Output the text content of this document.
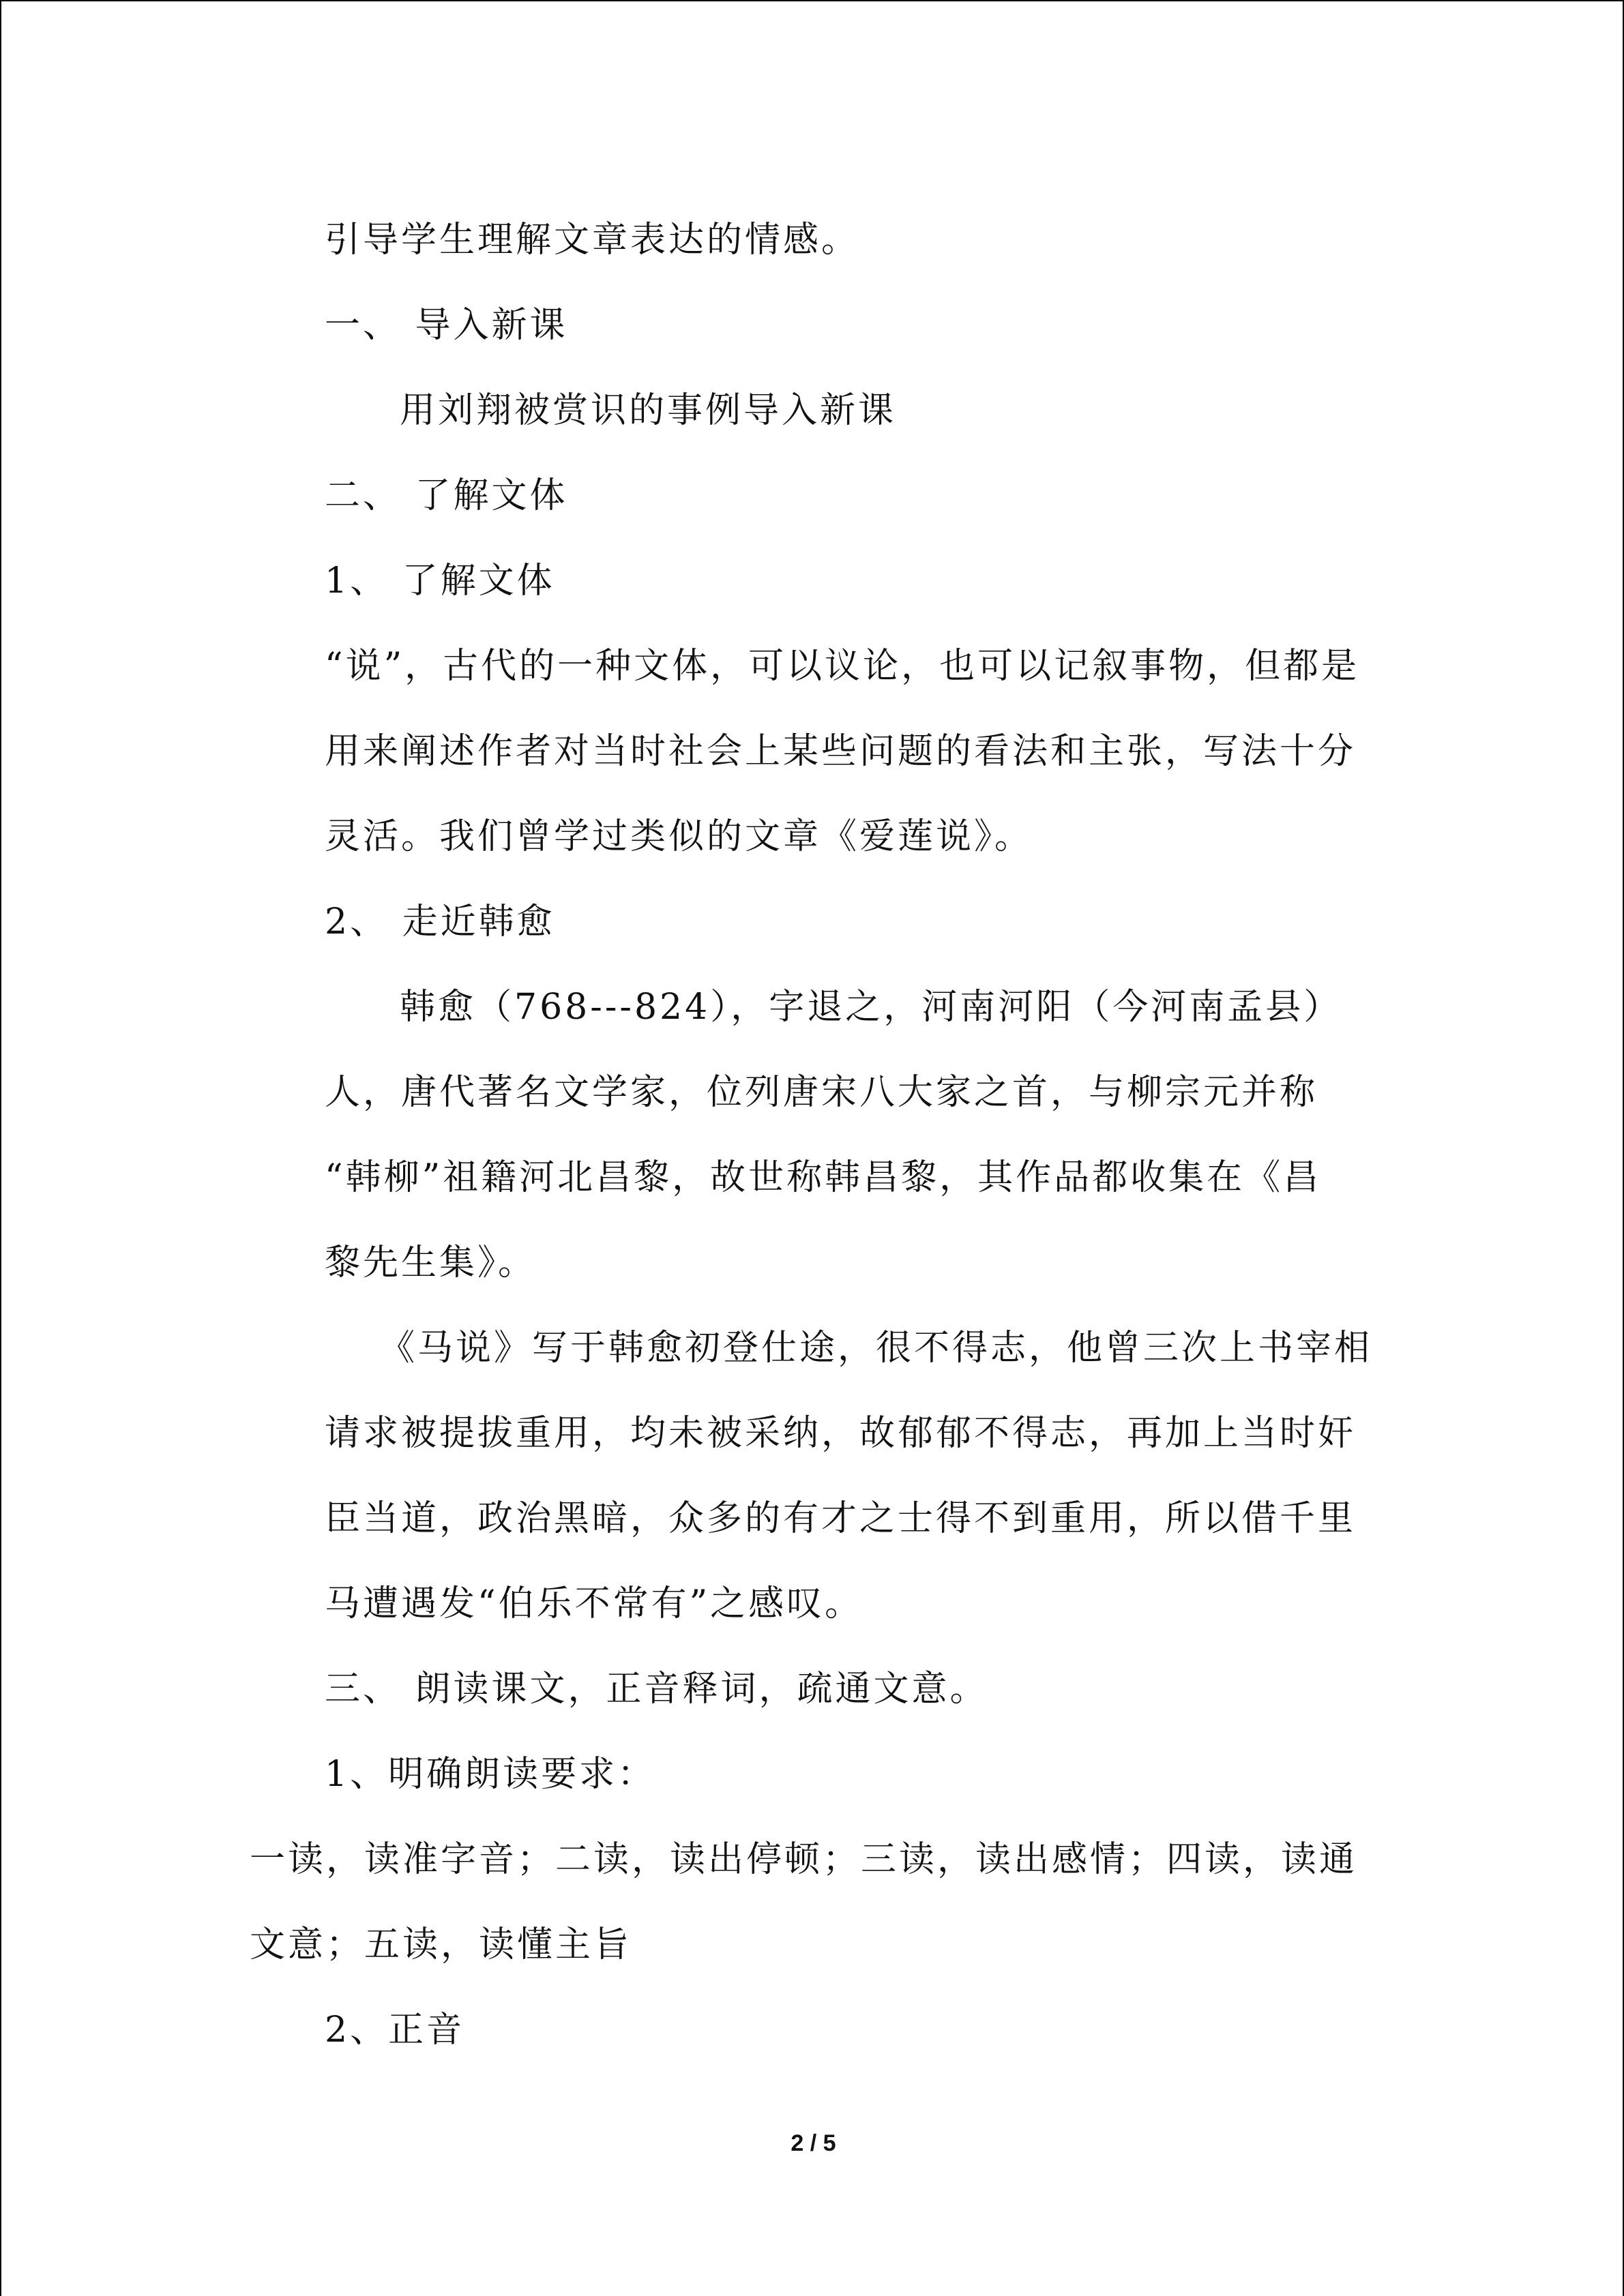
引导学生理解文章表达的情感。
一、 导入新课
用刘翔被赏识的事例导入新课
二、 了解文体
1、 了解文体
“说”，古代的一种文体，可以议论，也可以记叙事物，但都是
用来阐述作者对当时社会上某些问题的看法和主张，写法十分
灵活。我们曾学过类似的文章《爱莲说》。
2、 走近韩愈
韩愈（768---824），字退之，河南河阳（今河南孟县）
人，唐代著名文学家，位列唐宋八大家之首，与柳宗元并称
“韩柳”祖籍河北昌黎，故世称韩昌黎，其作品都收集在《昌
黎先生集》。
《马说》写于韩愈初登仕途，很不得志，他曾三次上书宰相
请求被提拔重用，均未被采纳，故郁郁不得志，再加上当时奸
臣当道，政治黑暗，众多的有才之士得不到重用，所以借千里
马遭遇发“伯乐不常有”之感叹。
三、 朗读课文，正音释词，疏通文意。
1、明确朗读要求：
一读，读准字音；二读，读出停顿；三读，读出感情；四读，读通
文意；五读，读懂主旨
2、正音
2 / 5
